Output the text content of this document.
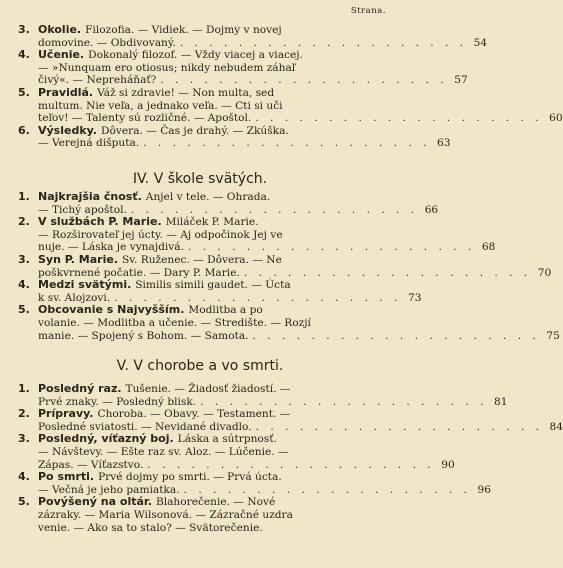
Strana.
3. Okolie. Filozofia. — Vidiek. — Dojmy v novej
domovine. — Obdivovaný. . . . . . . . . . . . . . . . . . . . . 54
4. Učenie. Dokonalý filozof. — Vždy viacej a viacej.
— »Nunquam ero otiosus; nikdy nebudem záhaľ
čivý«. — Nepreháňať? . . . . . . . . . . . . . . . . . . . . 57
5. Pravidlá. Váž si zdravie! — Non multa, sed
multum. Nie veľa, a jednako veľa. — Cti si uči
teľov! — Talenty sú rozličné. — Apoštol. . . . . . . . . . . . . . . . . . . . . 60
6. Výsledky. Dôvera. — Čas je drahý. — Zkúška.
— Verejná dišputa. . . . . . . . . . . . . . . . . . . . . 63
IV. V škole svätých.
1. Najkrajšia čnosť. Anjel v tele. — Ohrada.
— Tichý apoštol. . . . . . . . . . . . . . . . . . . . . 66
2. V službách P. Marie. Miláček P. Marie.
— Rozširovateľ jej úcty. — Aj odpočinok Jej ve
nuje. — Láska je vynajdivá. . . . . . . . . . . . . . . . . . . . . 68
3. Syn P. Marie. Sv. Ruženec. — Dôvera. — Ne
poškvrnené počatie. — Dary P. Marie. . . . . . . . . . . . . . . . . . . . . 70
4. Medzi svätými. Similis simili gaudet. — Úcta
k sv. Alojzovi. . . . . . . . . . . . . . . . . . . . . 73
5. Obcovanie s Najvyšším. Modlitba a po
volanie. — Modlitba a učenie. — Stredište. — Rozjí
manie. — Spojený s Bohom. — Samota. . . . . . . . . . . . . . . . . . . . . 75
V. V chorobe a vo smrti.
1. Posledný raz. Tušenie. — Žiadosť žiadostí. —
Prvé znaky. — Posledný blisk. . . . . . . . . . . . . . . . . . . . . 81
2. Prípravy. Choroba. — Obavy. — Testament. —
Posledné sviatosti. — Nevidané divadlo. . . . . . . . . . . . . . . . . . . . . 84
3. Posledný, víťazný boj. Láska a sútrpnosť.
— Návštevy. — Ešte raz sv. Aloz. — Lúčenie. —
Zápas. — Víťazstvo. . . . . . . . . . . . . . . . . . . . . 90
4. Po smrti. Prvé dojmy po smrti. — Prvá úcta.
— Večná je jeho pamiatka. . . . . . . . . . . . . . . . . . . . . 96
5. Povýšený na oltár. Blahorečenie. — Nové
zázraky. — Maria Wilsonová. — Zázračné uzdra
venie. — Ako sa to stalo? — Svätorečenie.
